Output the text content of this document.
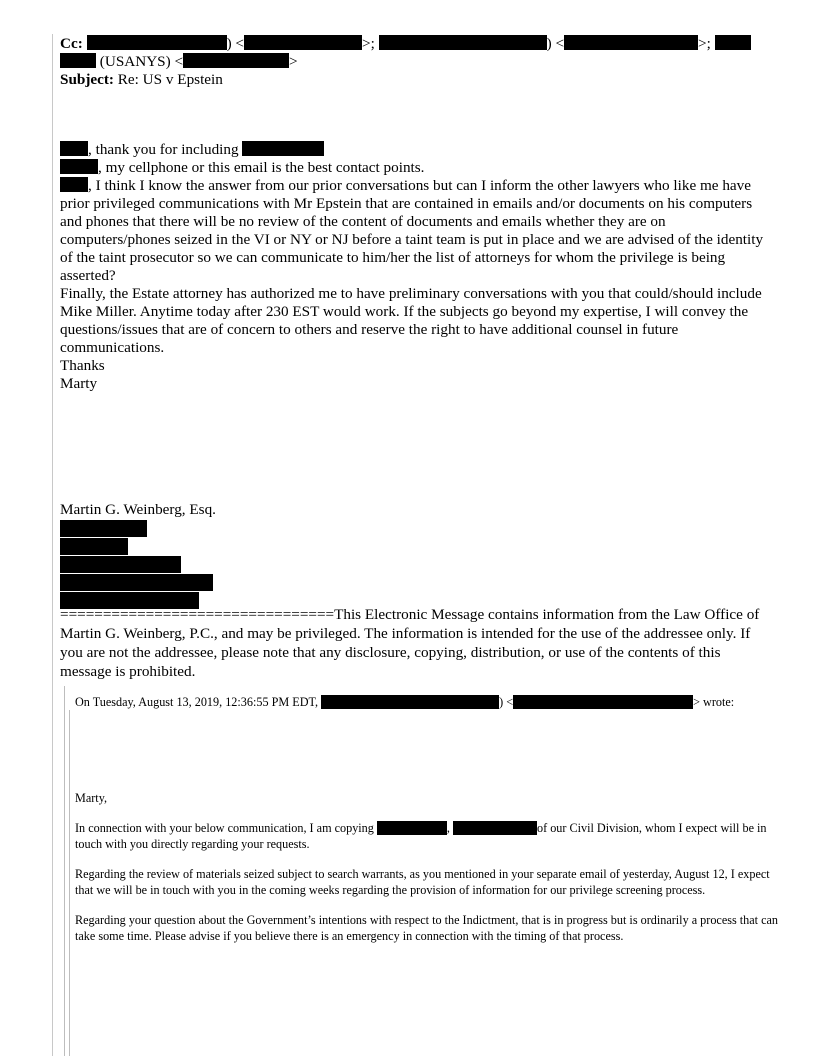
Cc:	) <	>;	) <	>;

(USANYS) <	>

Subject: Re: US v Epstein

, thank you for including

, my cellphone or this email is the best contact points.

, I think I know the answer from our prior conversations but can I inform the other lawyers who like me have prior privileged communications with Mr Epstein that are contained in emails and/or documents on his computers and phones that there will be no review of the content of documents and emails whether they are on computers/phones seized in the VI or NY or NJ before a taint team is put in place and we are advised of the identity of the taint prosecutor so we can communicate to him/her the list of attorneys for whom the privilege is being asserted?

Finally, the Estate attorney has authorized me to have preliminary conversations with you that could/should include Mike Miller. Anytime today after 230 EST would work. If the subjects go beyond my expertise, I will convey the questions/issues that are of concern to others and reserve the right to have additional counsel in future communications.

Thanks

Marty

Martin G. Weinberg, Esq.

================================This Electronic Message contains information from the Law Office of Martin G. Weinberg, P.C., and may be privileged. The information is intended for the use of the addressee only. If you are not the addressee, please note that any disclosure, copying, distribution, or use of the contents of this message is prohibited.

On Tuesday, August 13, 2019, 12:36:55 PM EDT,	) <	> wrote:

Marty,

In connection with your below communication, I am copying	,	of our Civil Division, whom I expect will be in touch with you directly regarding your requests.

Regarding the review of materials seized subject to search warrants, as you mentioned in your separate email of yesterday, August 12, I expect that we will be in touch with you in the coming weeks regarding the provision of information for our privilege screening process.

Regarding your question about the Government’s intentions with respect to the Indictment, that is in progress but is ordinarily a process that can take some time. Please advise if you believe there is an emergency in connection with the timing of that process.
